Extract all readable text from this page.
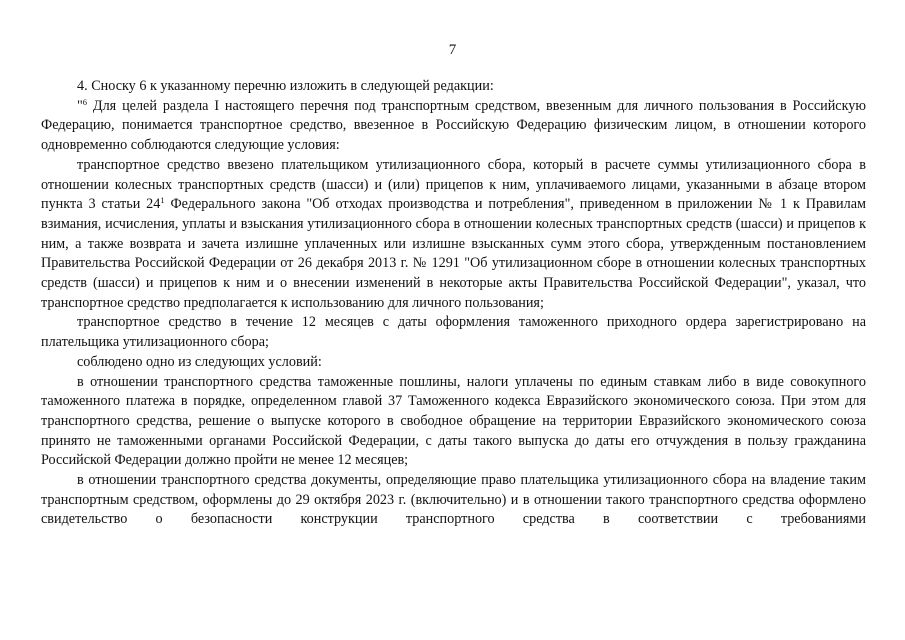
7

4. Сноску 6 к указанному перечню изложить в следующей редакции:

"$^6$ Для целей раздела I настоящего перечня под транспортным средством, ввезенным для личного пользования в Российскую Федерацию, понимается транспортное средство, ввезенное в Российскую Федерацию физическим лицом, в отношении которого одновременно соблюдаются следующие условия:

транспортное средство ввезено плательщиком утилизационного сбора, который в расчете суммы утилизационного сбора в отношении колесных транспортных средств (шасси) и (или) прицепов к ним, уплачиваемого лицами, указанными в абзаце втором пункта 3 статьи $24^1$ Федерального закона "Об отходах производства и потребления", приведенном в приложении № 1 к Правилам взимания, исчисления, уплаты и взыскания утилизационного сбора в отношении колесных транспортных средств (шасси) и прицепов к ним, а также возврата и зачета излишне уплаченных или излишне взысканных сумм этого сбора, утвержденным постановлением Правительства Российской Федерации от 26 декабря 2013 г. № 1291 "Об утилизационном сборе в отношении колесных транспортных средств (шасси) и прицепов к ним и о внесении изменений в некоторые акты Правительства Российской Федерации", указал, что транспортное средство предполагается к использованию для личного пользования;

транспортное средство в течение 12 месяцев с даты оформления таможенного приходного ордера зарегистрировано на плательщика утилизационного сбора;

соблюдено одно из следующих условий:

в отношении транспортного средства таможенные пошлины, налоги уплачены по единым ставкам либо в виде совокупного таможенного платежа в порядке, определенном главой 37 Таможенного кодекса Евразийского экономического союза. При этом для транспортного средства, решение о выпуске которого в свободное обращение на территории Евразийского экономического союза принято не таможенными органами Российской Федерации, с даты такого выпуска до даты его отчуждения в пользу гражданина Российской Федерации должно пройти не менее 12 месяцев;

в отношении транспортного средства документы, определяющие право плательщика утилизационного сбора на владение таким транспортным средством, оформлены до 29 октября 2023 г. (включительно) и в отношении такого транспортного средства оформлено свидетельство о безопасности конструкции транспортного средства в соответствии с требованиями
